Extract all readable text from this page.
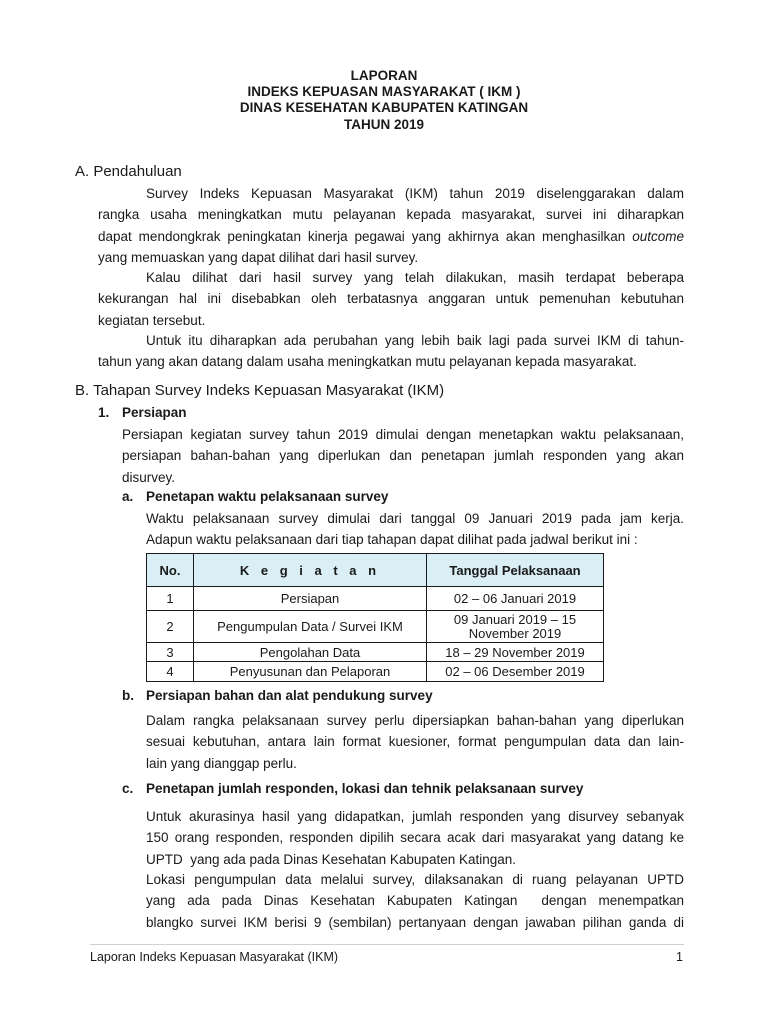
LAPORAN
INDEKS KEPUASAN MASYARAKAT ( IKM )
DINAS KESEHATAN KABUPATEN KATINGAN
TAHUN 2019
A. Pendahuluan
Survey Indeks Kepuasan Masyarakat (IKM) tahun 2019 diselenggarakan dalam
rangka usaha meningkatkan mutu pelayanan kepada masyarakat, survei ini diharapkan
dapat mendongkrak peningkatan kinerja pegawai yang akhirnya akan menghasilkan outcome
yang memuaskan yang dapat dilihat dari hasil survey.
Kalau dilihat dari hasil survey yang telah dilakukan, masih terdapat beberapa
kekurangan hal ini disebabkan oleh terbatasnya anggaran untuk pemenuhan kebutuhan
kegiatan tersebut.
Untuk itu diharapkan ada perubahan yang lebih baik lagi pada survei IKM di tahun-
tahun yang akan datang dalam usaha meningkatkan mutu pelayanan kepada masyarakat.
B. Tahapan Survey Indeks Kepuasan Masyarakat (IKM)
1. Persiapan
Persiapan kegiatan survey tahun 2019 dimulai dengan menetapkan waktu pelaksanaan,
persiapan bahan-bahan yang diperlukan dan penetapan jumlah responden yang akan
disurvey.
a. Penetapan waktu pelaksanaan survey
Waktu pelaksanaan survey dimulai dari tanggal 09 Januari 2019 pada jam kerja.
Adapun waktu pelaksanaan dari tiap tahapan dapat dilihat pada jadwal berikut ini :
No.	K e g i a t a n	Tanggal Pelaksanaan
1	Persiapan	02 – 06 Januari 2019
2	Pengumpulan Data / Survei IKM	09 Januari 2019 – 15 November 2019
3	Pengolahan Data	18 – 29 November 2019
4	Penyusunan dan Pelaporan	02 – 06 Desember 2019
b. Persiapan bahan dan alat pendukung survey
Dalam rangka pelaksanaan survey perlu dipersiapkan bahan-bahan yang diperlukan
sesuai kebutuhan, antara lain format kuesioner, format pengumpulan data dan lain-
lain yang dianggap perlu.
c. Penetapan jumlah responden, lokasi dan tehnik pelaksanaan survey
Untuk akurasinya hasil yang didapatkan, jumlah responden yang disurvey sebanyak
150 orang responden, responden dipilih secara acak dari masyarakat yang datang ke
UPTD  yang ada pada Dinas Kesehatan Kabupaten Katingan.
Lokasi pengumpulan data melalui survey, dilaksanakan di ruang pelayanan UPTD
yang ada pada Dinas Kesehatan Kabupaten Katingan  dengan menempatkan
blangko survei IKM berisi 9 (sembilan) pertanyaan dengan jawaban pilihan ganda di
Laporan Indeks Kepuasan Masyarakat (IKM)	1
